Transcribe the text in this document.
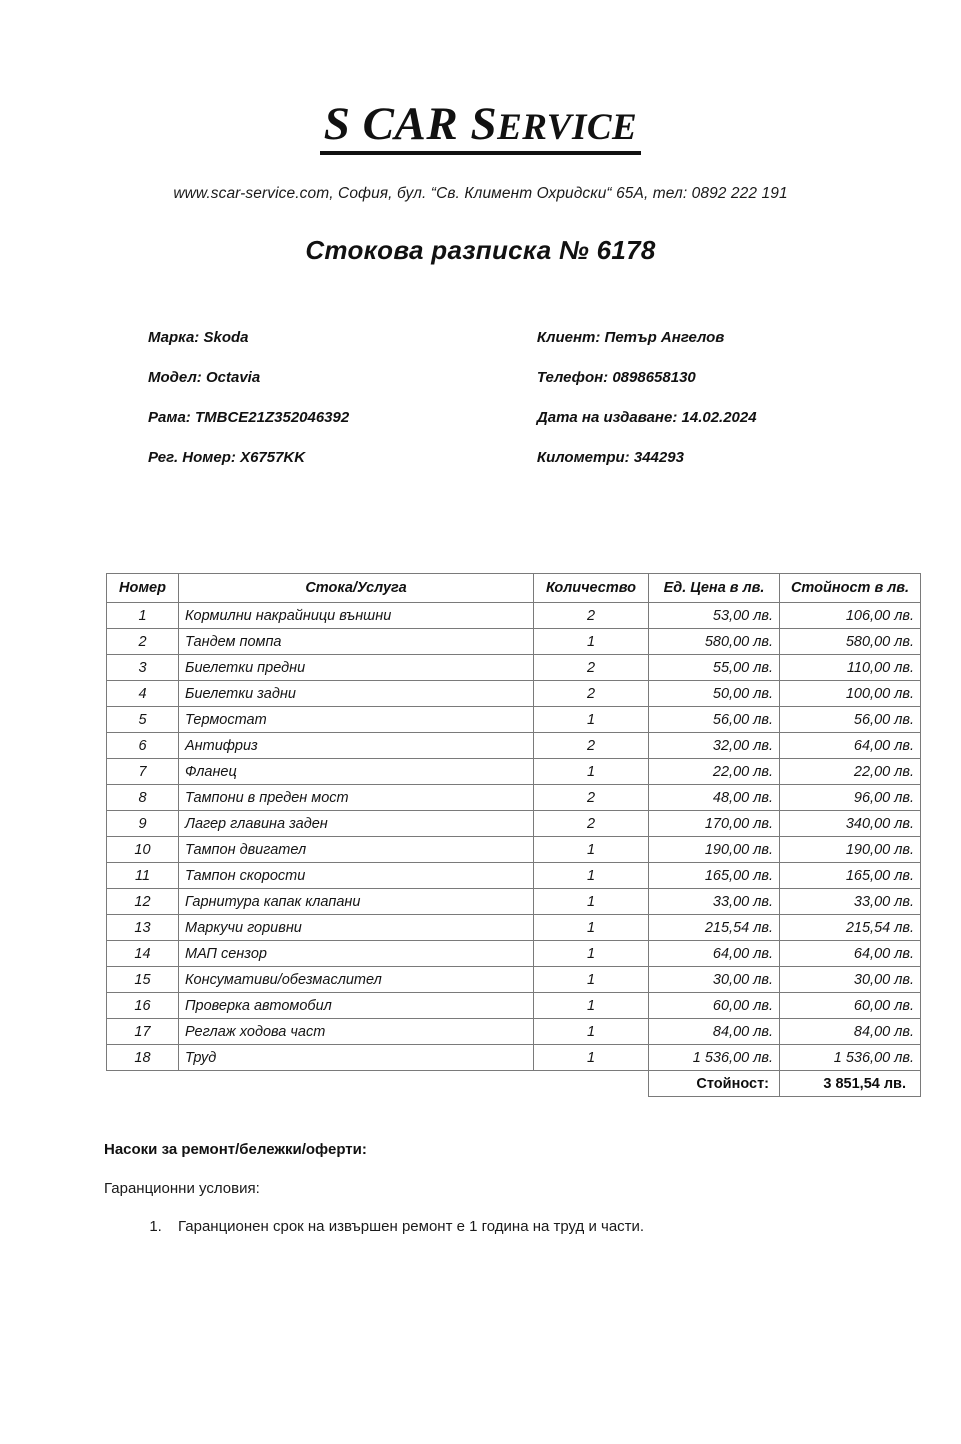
S CAR SERVICE
www.scar-service.com, София, бул. “Св. Климент Охридски“ 65А, тел: 0892 222 191
Стокова разписка № 6178
Марка: Skoda
Модел: Octavia
Рама: TMBCE21Z352046392
Рег. Номер: X6757KK
Клиент: Петър Ангелов
Телефон: 0898658130
Дата на издаване: 14.02.2024
Километри: 344293
Номер	Стока/Услуга	Количество	Ед. Цена в лв.	Стойност в лв.
1	Кормилни накрайници външни	2	53,00 лв.	106,00 лв.
2	Тандем помпа	1	580,00 лв.	580,00 лв.
3	Биелетки предни	2	55,00 лв.	110,00 лв.
4	Биелетки задни	2	50,00 лв.	100,00 лв.
5	Термостат	1	56,00 лв.	56,00 лв.
6	Антифриз	2	32,00 лв.	64,00 лв.
7	Фланец	1	22,00 лв.	22,00 лв.
8	Тампони в преден мост	2	48,00 лв.	96,00 лв.
9	Лагер главина заден	2	170,00 лв.	340,00 лв.
10	Тампон двигател	1	190,00 лв.	190,00 лв.
11	Тампон скорости	1	165,00 лв.	165,00 лв.
12	Гарнитура капак клапани	1	33,00 лв.	33,00 лв.
13	Маркучи горивни	1	215,54 лв.	215,54 лв.
14	МАП сензор	1	64,00 лв.	64,00 лв.
15	Консумативи/обезмаслител	1	30,00 лв.	30,00 лв.
16	Проверка автомобил	1	60,00 лв.	60,00 лв.
17	Реглаж ходова част	1	84,00 лв.	84,00 лв.
18	Труд	1	1 536,00 лв.	1 536,00 лв.
			Стойност:	3 851,54 лв.
Насоки за ремонт/бележки/оферти:
Гаранционни условия:
1. Гаранционен срок на извършен ремонт е 1 година на труд и части.
